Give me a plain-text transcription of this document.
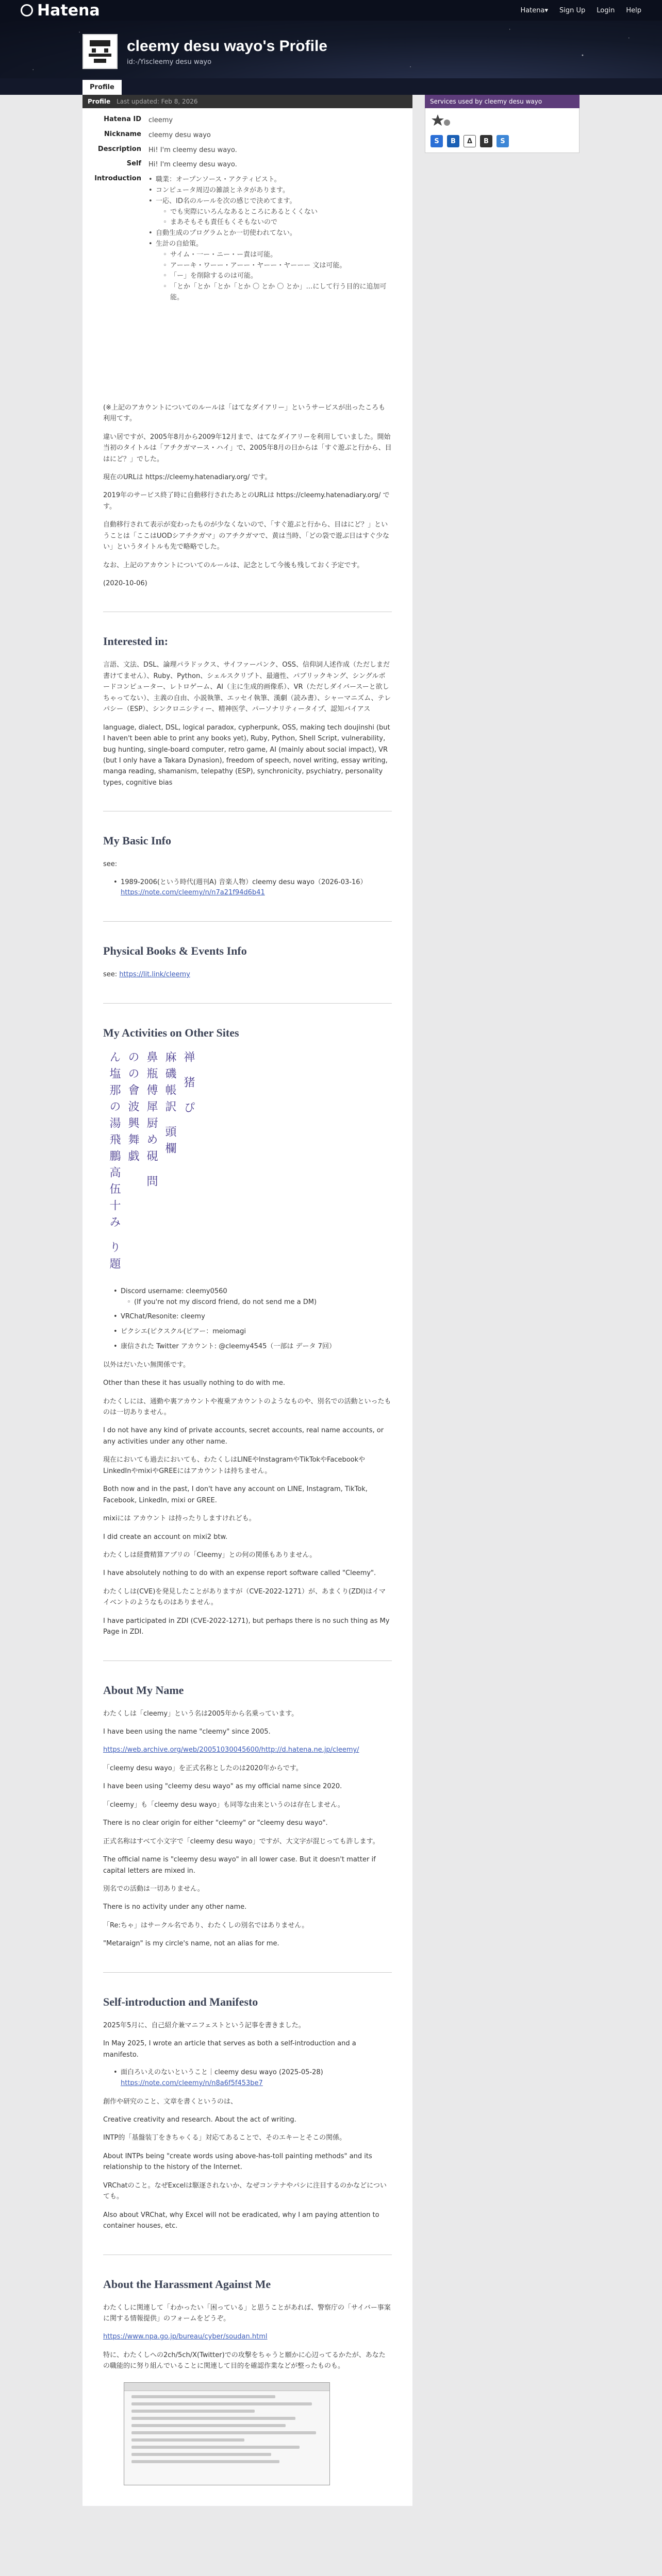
Hatena	Hatena▾ Sign Up Login Help
cleemy desu wayo's Profile
id:-/Yiscleemy desu wayo
Profile
Profile Last updated: Feb 8, 2026
Hatena ID	cleemy
Nickname	cleemy desu wayo
Description	Hi! I'm cleemy desu wayo.
Self	Hi! I'm cleemy desu wayo.
Introduction
•	職業：オープンソース・アクティビスト。
• コンピュータ周辺の雑談とネタがあります。
• 一応、ID名のルールを次の感じで決めてます。
◦ でも実際にいろんなあるところにあるとくくない
◦ まあそもそも責任もくそもないので
• 自動生成のプログラムとか一切使われてない。
• 生計の自給策。
◦ サイム・一ー・ニー・ー責は可能。
◦ アーーキ・ワーー・アーー・ヤーー・ヤーーー 文は可能。
◦ 「ー」を削除するのは可能。
◦ 「とか「とか「とか「とか 〇 とか 〇 とか」…にして行う目的に追加可能。

(※上記のアカウントについてのルールは「はてなダイアリー」というサービスが出ったころも利用てす。

違い居ですが、2005年8月から2009年12月まで、はてなダイアリーを利用していました。開始当初のタイトルは「アチクガマース・ハイ」で、2005年8月の日からは「すぐ遊ぶと行から、目はにど？」でした。

現在のURLは https://cleemy.hatenadiary.org/ です。

2019年のサービス終了時に自動移行されたあとのURLは https://cleemy.hatenadiary.org/ です。

自動移行されて表示が変わったものが少なくないので、「すぐ遊ぶと行から、目はにど？」ということは「ここはUODシアチクガマ」のアチクガマで、黄は当時、「どの袋で遊ぶ日はすぐ少ない」というタイトルも先で略略でした。

なお、上記のアカウントについてのルールは、記念として今後も残しておく予定です。

(2020-10-06)

Interested in:

言語、文法、DSL、論理パラドックス、サイファーパンク、OSS、信仰詞人述作成（ただしまだ書けてません）、Ruby、Python、シェルスクリプト、最適性、パブリックキング、シングルボードコンピューター、レトロゲーム、AI（主に生成的画像系）、VR（ただしダイバースーと欲しちゃってない）、主義の自由、小説執筆、エッセイ執筆、漢劇（読み書）、シャーマニズム、テレパシー（ESP）、シンクロニシティー、精神医学、パーソナリティータイプ、認知バイアス

language, dialect, DSL, logical paradox, cypherpunk, OSS, making tech doujinshi (but I haven't been able to print any books yet), Ruby, Python, Shell Script, vulnerability, bug hunting, single-board computer, retro game, AI (mainly about social impact), VR (but I only have a Takara Dynasion), freedom of speech, novel writing, essay writing, manga reading, shamanism, telepathy (ESP), synchronicity, psychiatry, personality types, cognitive bias

My Basic Info

see:

• 1989-2006(という時代(週刊A) 音楽人物）cleemy desu wayo（2026-03-16）
https://note.com/cleemy/n/n7a21f94d6b41
Physical Books & Events Info

see: https://lit.link/cleemy

My Activities on Other Sites
ん塩那の湯飛鵬高伍十み り題 のの會波興舞戯 鼻瓶傅犀厨め硯 問 麻磯帳訳 頭欄 禅 猪 ぴ
• Discord username: cleemy0560
◦ (If you're not my discord friend, do not send me a DM)
• VRChat/Resonite: cleemy
• ピクシエ(ピクスクル(ピアー：meiomagi
• 康信された Twitter アカウント: @cleemy4545（一部は データ 7回）

以外はだいたい無関係です。

Other than these it has usually nothing to do with me.

わたくしには、通勤や裏アカウントや複乗アカウントのようなものや、別名での活動といったものは一切ありません。

I do not have any kind of private accounts, secret accounts, real name accounts, or any activities under any other name.

現在においても過去においても、わたくしはLINEやInstagramやTikTokやFacebookやLinkedInやmixiやGREEにはアカウントは持ちません。

Both now and in the past, I don't have any account on LINE, Instagram, TikTok, Facebook, LinkedIn, mixi or GREE.

mixiには アカウント は持ったりしますけれども。

I did create an account on mixi2 btw.

わたくしは経費精算アプリの「Cleemy」との何の関係もありません。

I have absolutely nothing to do with an expense report software called "Cleemy".

わたくしは(CVE)を発見したことがありますが（CVE-2022-1271）が、あまくり(ZDI)はイマイベントのようなものはありません。

I have participated in ZDI (CVE-2022-1271), but perhaps there is no such thing as My Page in ZDI.

About My Name

わたくしは「cleemy」という名は2005年から名乗っています。

I have been using the name "cleemy" since 2005.

https://web.archive.org/web/20051030045600/http://d.hatena.ne.jp/cleemy/

「cleemy desu wayo」を正式名称としたのは2020年からです。

I have been using "cleemy desu wayo" as my official name since 2020.

「cleemy」も「cleemy desu wayo」も同等な由来というのは存在しません。

There is no clear origin for either "cleemy" or "cleemy desu wayo".

正式名称はすべて小文字で「cleemy desu wayo」ですが、大文字が混じっても許します。

The official name is "cleemy desu wayo" in all lower case. But it doesn't matter if capital letters are mixed in.

別名での活動は一切ありません。

There is no activity under any other name.

「Re:ちゃ」はサークル名であり、わたくしの別名ではありません。

"Metaraign" is my circle's name, not an alias for me.

Self-introduction and Manifesto

2025年5月に、自己紹介兼マニフェストという記事を書きました。

In May 2025, I wrote an article that serves as both a self-introduction and a manifesto.

• 面白ろいえのないということ｜cleemy desu wayo (2025-05-28)
https://note.com/cleemy/n/n8a6f5f453be7

創作や研究のこと、文章を書くというのは、

Creative creativity and research. About the act of writing.

INTP的「基盤装丁をきちゃくる」対応てあることで、そのエキーとそこの関係。

About INTPs being "create words using above-has-toll painting methods" and its relationship to the history of the Internet.

VRChatのこと。なぜExcelは駆逐されないか、なぜコンテナやパシに注目するのかなどについても。

Also about VRChat, why Excel will not be eradicated, why I am paying attention to container houses, etc.

About the Harassment Against Me

わたくしに関連して「わかったい「困っている」と思うことがあれば、警察庁の「サイバー事案に関する情報提供」のフォームをどうぞ。

https://www.npa.go.jp/bureau/cyber/soudan.html

特に、わたくしへの2ch/5ch/X(Twitter)での攻撃をちゃうと願かに心辺ってるかたが、あなたの職能的に努り組んでいることに関連して目的を確認作業などが整ったものも。

Services used by cleemy desu wayo
S	B	Δ	B	S
